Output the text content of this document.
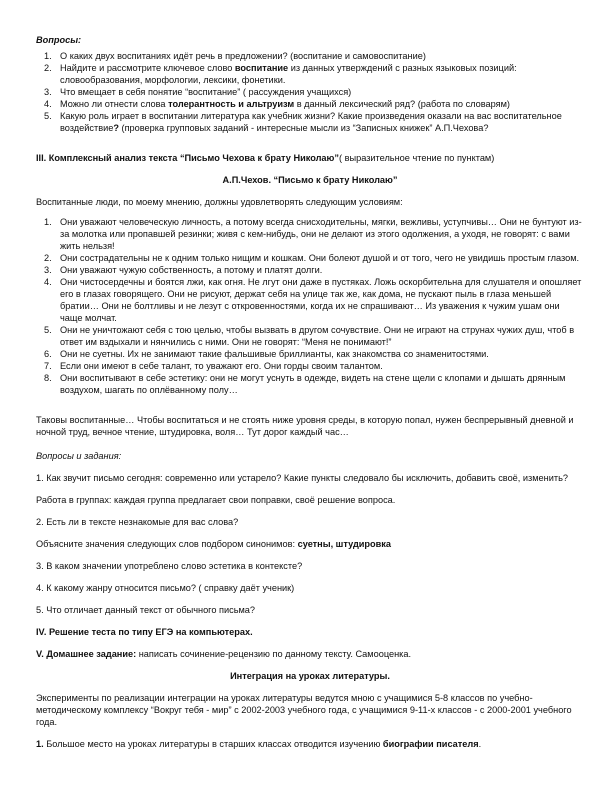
Вопросы:

1. О каких двух воспитаниях идёт речь в предложении? (воспитание и самовоспитание)
2. Найдите и рассмотрите ключевое слово воспитание из данных утверждений с разных языковых позиций: словообразования, морфологии, лексики, фонетики.
3. Что вмещает в себя понятие “воспитание” ( рассуждения учащихся)
4. Можно ли отнести слова толерантность и альтруизм в данный лексический ряд? (работа по словарям)
5. Какую роль играет в воспитании литература как учебник жизни? Какие произведения оказали на вас воспитательное воздействие? (проверка групповых заданий - интересные мысли из “Записных книжек” А.П.Чехова?

III. Комплексный анализ текста “Письмо Чехова к брату Николаю”( выразительное чтение по пунктам)

А.П.Чехов. “Письмо к брату Николаю”

Воспитанные люди, по моему мнению, должны удовлетворять следующим условиям:

1. Они уважают человеческую личность, а потому всегда снисходительны, мягки, вежливы, уступчивы… Они не бунтуют из-за молотка или пропавшей резинки; живя с кем-нибудь, они не делают из этого одолжения, а уходя, не говорят: с вами жить нельзя!
2. Они сострадательны не к одним только нищим и кошкам. Они болеют душой и от того, чего не увидишь простым глазом.
3. Они уважают чужую собственность, а потому и платят долги.
4. Они чистосердечны и боятся лжи, как огня. Не лгут они даже в пустяках. Ложь оскорбительна для слушателя и опошляет его в глазах говорящего. Они не рисуют, держат себя на улице так же, как дома, не пускают пыль в глаза меньшей братии… Они не болтливы и не лезут с откровенностями, когда их не спрашивают… Из уважения к чужим ушам они чаще молчат.
5. Они не уничтожают себя с тою целью, чтобы вызвать в другом сочувствие. Они не играют на струнах чужих душ, чтоб в ответ им вздыхали и нянчились с ними. Они не говорят: “Меня не понимают!”
6. Они не суетны. Их не занимают такие фальшивые бриллианты, как знакомства со знаменитостями.
7. Если они имеют в себе талант, то уважают его. Они горды своим талантом.
8. Они воспитывают в себе эстетику: они не могут уснуть в одежде, видеть на стене щели с клопами и дышать дрянным воздухом, шагать по оплёванному полу…

Таковы воспитанные… Чтобы воспитаться и не стоять ниже уровня среды, в которую попал, нужен беспрерывный дневной и ночной труд, вечное чтение, штудировка, воля… Тут дорог каждый час…

Вопросы и задания:

1. Как звучит письмо сегодня: современно или устарело? Какие пункты следовало бы исключить, добавить своё, изменить?

Работа в группах: каждая группа предлагает свои поправки, своё решение вопроса.

2. Есть ли в тексте незнакомые для вас слова?

Объясните значения следующих слов подбором синонимов: суетны, штудировка

3. В каком значении употреблено слово эстетика в контексте?

4. К какому жанру относится письмо? ( справку даёт ученик)

5. Что отличает данный текст от обычного письма?

IV. Решение теста по типу ЕГЭ на компьютерах.

V. Домашнее задание: написать сочинение-рецензию по данному тексту. Самооценка.

Интеграция на уроках литературы.

Эксперименты по реализации интеграции на уроках литературы ведутся мною с учащимися 5-8 классов по учебно-методическому комплексу “Вокруг тебя - мир” с 2002-2003 учебного года, с учащимися 9-11-х классов - с 2000-2001 учебного года.

1. Большое место на уроках литературы в старших классах отводится изучению биографии писателя.
